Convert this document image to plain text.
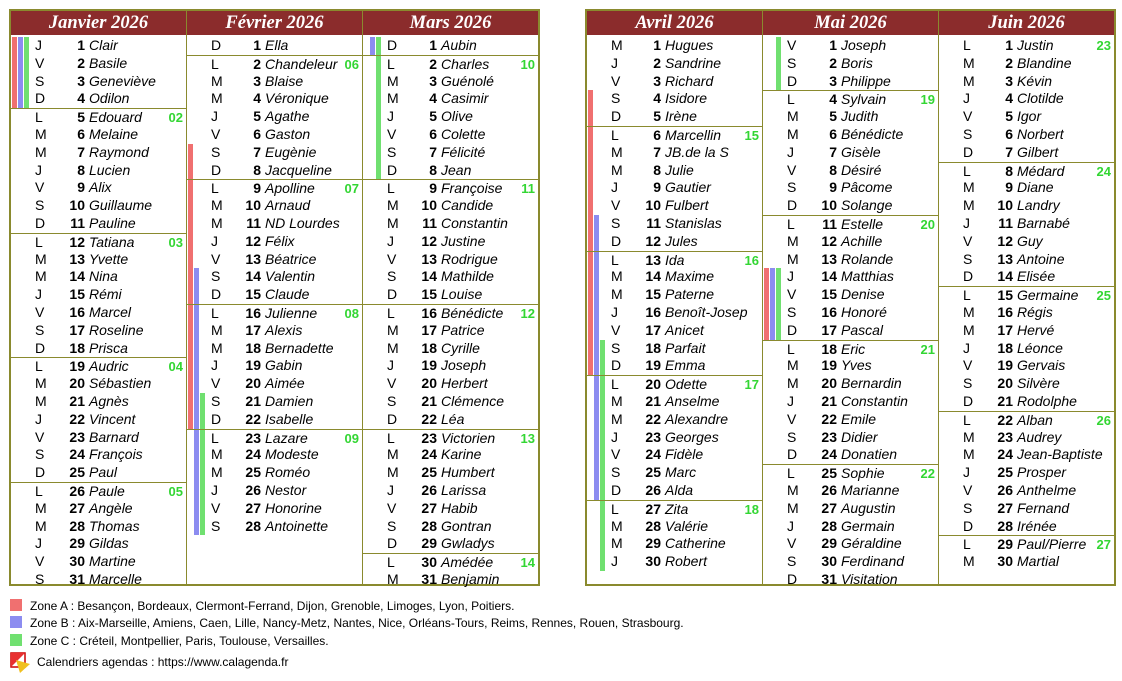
Janvier 2026
J	1 Clair
V	2 Basile
S	3 Geneviève
D	4 Odilon
L	5 Edouard 02
M	6 Melaine
M	7 Raymond
J	8 Lucien
V	9 Alix
S	10 Guillaume
D	11 Pauline
L	12 Tatiana	03
M	13 Yvette
M	14 Nina
J	15 Rémi
V	16 Marcel
S	17 Roseline
D	18 Prisca
L	19 Audric	04
M	20 Sébastien
M	21 Agnès
J	22 Vincent
V	23 Barnard
S	24 François
D	25 Paul
L	26 Paule	05
M	27 Angèle
M	28 Thomas
J	29 Gildas
V	30 Martine
S	31 Marcelle
Février 2026
D	1 Ella
L	2 Chandeleur 06
M	3 Blaise
M	4 Véronique
J	5 Agathe
V	6 Gaston
S	7 Eugènie
D	8 Jacqueline
L	9 Apolline 07
M	10 Arnaud
M	11 ND Lourdes
J	12 Félix
V	13 Béatrice
S	14 Valentin
D	15 Claude
L	16 Julienne 08
M	17 Alexis
M	18 Bernadette
J	19 Gabin
V	20 Aimée
S	21 Damien
D	22 Isabelle
L	23 Lazare	09
M	24 Modeste
M	25 Roméo
J	26 Nestor
V	27 Honorine
S	28 Antoinette
Mars 2026
D	1 Aubin
L	2 Charles 10
M	3 Guénolé
M	4 Casimir
J	5 Olive
V	6 Colette
S	7 Félicité
D	8 Jean
L	9 Françoise 11
M	10 Candide
M	11 Constantin
J	12 Justine
V	13 Rodrigue
S	14 Mathilde
D	15 Louise
L	16 Bénédicte 12
M	17 Patrice
M	18 Cyrille
J	19 Joseph
V	20 Herbert
S	21 Clémence
D	22 Léa
L	23 Victorien 13
M	24 Karine
M	25 Humbert
J	26 Larissa
V	27 Habib
S	28 Gontran
D	29 Gwladys
L	30 Amédée 14
M	31 Benjamin
Avril 2026
M	1 Hugues
J	2 Sandrine
V	3 Richard
S	4 Isidore
D	5 Irène
L	6 Marcellin 15
M	7 JB.de la S
M	8 Julie
J	9 Gautier
V	10 Fulbert
S	11 Stanislas
D	12 Jules
L	13 Ida	16
M	14 Maxime
M	15 Paterne
J	16 Benoît-Josep
V	17 Anicet
S	18 Parfait
D	19 Emma
L	20 Odette	17
M	21 Anselme
M	22 Alexandre
J	23 Georges
V	24 Fidèle
S	25 Marc
D	26 Alda
L	27 Zita	18
M	28 Valérie
M	29 Catherine
J	30 Robert
Mai 2026
V	1 Joseph
S	2 Boris
D	3 Philippe
L	4 Sylvain	19
M	5 Judith
M	6 Bénédicte
J	7 Gisèle
V	8 Désiré
S	9 Pâcome
D	10 Solange
L	11 Estelle	20
M	12 Achille
M	13 Rolande
J	14 Matthias
V	15 Denise
S	16 Honoré
D	17 Pascal
L	18 Eric	21
M	19 Yves
M	20 Bernardin
J	21 Constantin
V	22 Emile
S	23 Didier
D	24 Donatien
L	25 Sophie	22
M	26 Marianne
M	27 Augustin
J	28 Germain
V	29 Géraldine
S	30 Ferdinand
D	31 Visitation
Juin 2026
L	1 Justin	23
M	2 Blandine
M	3 Kévin
J	4 Clotilde
V	5 Igor
S	6 Norbert
D	7 Gilbert
L	8 Médard 24
M	9 Diane
M	10 Landry
J	11 Barnabé
V	12 Guy
S	13 Antoine
D	14 Elisée
L	15 Germaine 25
M	16 Régis
M	17 Hervé
J	18 Léonce
V	19 Gervais
S	20 Silvère
D	21 Rodolphe
L	22 Alban	26
M	23 Audrey
M	24 Jean-Baptiste
J	25 Prosper
V	26 Anthelme
S	27 Fernand
D	28 Irénée
L	29 Paul/Pierre 27
M	30 Martial
Zone A : Besançon, Bordeaux, Clermont-Ferrand, Dijon, Grenoble, Limoges, Lyon, Poitiers.
Zone B : Aix-Marseille, Amiens, Caen, Lille, Nancy-Metz, Nantes, Nice, Orléans-Tours, Reims, Rennes, Rouen, Strasbourg.
Zone C : Créteil, Montpellier, Paris, Toulouse, Versailles.
Calendriers agendas : https://www.calagenda.fr
